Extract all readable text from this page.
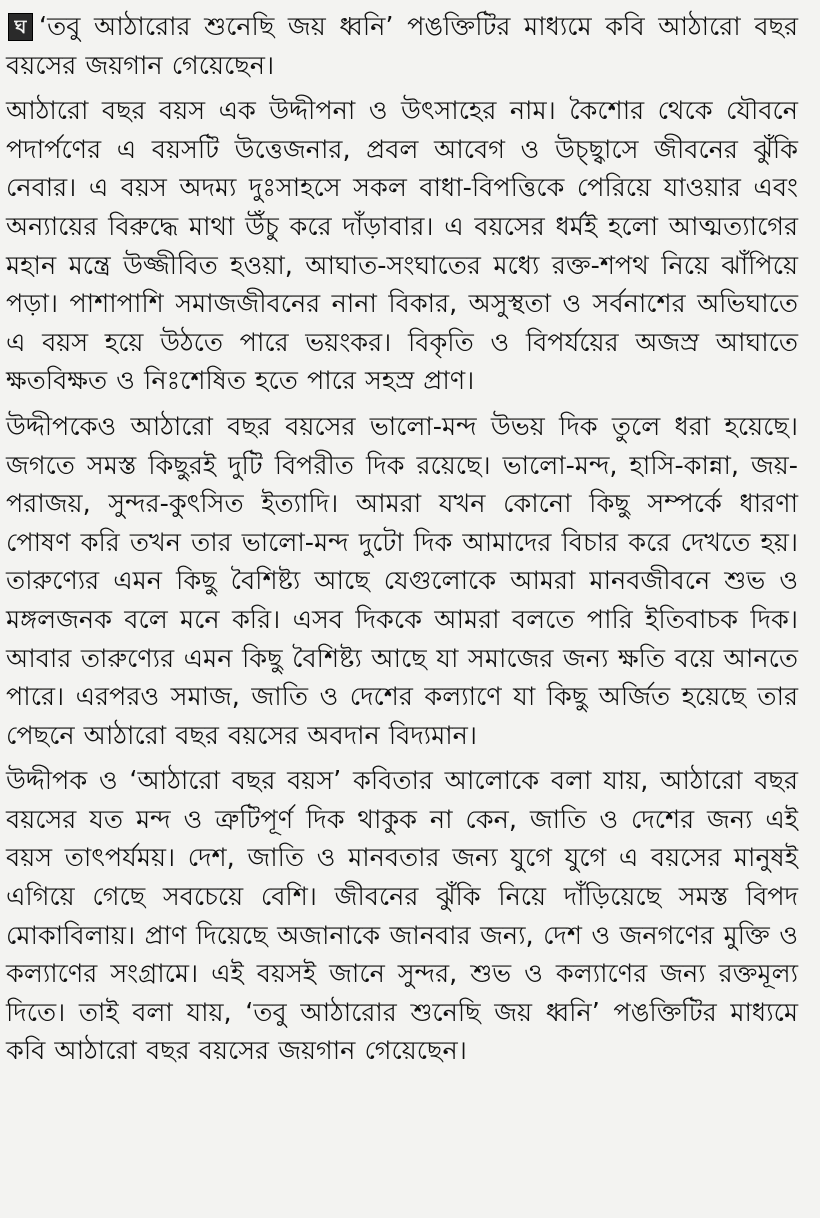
ঘ ‘তবু আঠারোর শুনেছি জয় ধ্বনি’ পঙক্তিটির মাধ্যমে কবি আঠারো বছর বয়সের জয়গান গেয়েছেন।

আঠারো বছর বয়স এক উদ্দীপনা ও উৎসাহের নাম। কৈশোর থেকে যৌবনে পদার্পণের এ বয়সটি উত্তেজনার, প্রবল আবেগ ও উচ্ছ্বাসে জীবনের ঝুঁকি নেবার। এ বয়স অদম্য দুঃসাহসে সকল বাধা-বিপত্তিকে পেরিয়ে যাওয়ার এবং অন্যায়ের বিরুদ্ধে মাথা উঁচু করে দাঁড়াবার। এ বয়সের ধর্মই হলো আত্মত্যাগের মহান মন্ত্রে উজ্জীবিত হওয়া, আঘাত-সংঘাতের মধ্যে রক্ত-শপথ নিয়ে ঝাঁপিয়ে পড়া। পাশাপাশি সমাজজীবনের নানা বিকার, অসুস্থতা ও সর্বনাশের অভিঘাতে এ বয়স হয়ে উঠতে পারে ভয়ংকর। বিকৃতি ও বিপর্যয়ের অজস্র আঘাতে ক্ষতবিক্ষত ও নিঃশেষিত হতে পারে সহস্র প্রাণ।

উদ্দীপকেও আঠারো বছর বয়সের ভালো-মন্দ উভয় দিক তুলে ধরা হয়েছে। জগতে সমস্ত কিছুরই দুটি বিপরীত দিক রয়েছে। ভালো-মন্দ, হাসি-কান্না, জয়-পরাজয়, সুন্দর-কুৎসিত ইত্যাদি। আমরা যখন কোনো কিছু সম্পর্কে ধারণা পোষণ করি তখন তার ভালো-মন্দ দুটো দিক আমাদের বিচার করে দেখতে হয়। তারুণ্যের এমন কিছু বৈশিষ্ট্য আছে যেগুলোকে আমরা মানবজীবনে শুভ ও মঙ্গলজনক বলে মনে করি। এসব দিককে আমরা বলতে পারি ইতিবাচক দিক। আবার তারুণ্যের এমন কিছু বৈশিষ্ট্য আছে যা সমাজের জন্য ক্ষতি বয়ে আনতে পারে। এরপরও সমাজ, জাতি ও দেশের কল্যাণে যা কিছু অর্জিত হয়েছে তার পেছনে আঠারো বছর বয়সের অবদান বিদ্যমান।

উদ্দীপক ও ‘আঠারো বছর বয়স’ কবিতার আলোকে বলা যায়, আঠারো বছর বয়সের যত মন্দ ও ত্রুটিপূর্ণ দিক থাকুক না কেন, জাতি ও দেশের জন্য এই বয়স তাৎপর্যময়। দেশ, জাতি ও মানবতার জন্য যুগে যুগে এ বয়সের মানুষই এগিয়ে গেছে সবচেয়ে বেশি। জীবনের ঝুঁকি নিয়ে দাঁড়িয়েছে সমস্ত বিপদ মোকাবিলায়। প্রাণ দিয়েছে অজানাকে জানবার জন্য, দেশ ও জনগণের মুক্তি ও কল্যাণের সংগ্রামে। এই বয়সই জানে সুন্দর, শুভ ও কল্যাণের জন্য রক্তমূল্য দিতে। তাই বলা যায়, ‘তবু আঠারোর শুনেছি জয় ধ্বনি’ পঙক্তিটির মাধ্যমে কবি আঠারো বছর বয়সের জয়গান গেয়েছেন।
